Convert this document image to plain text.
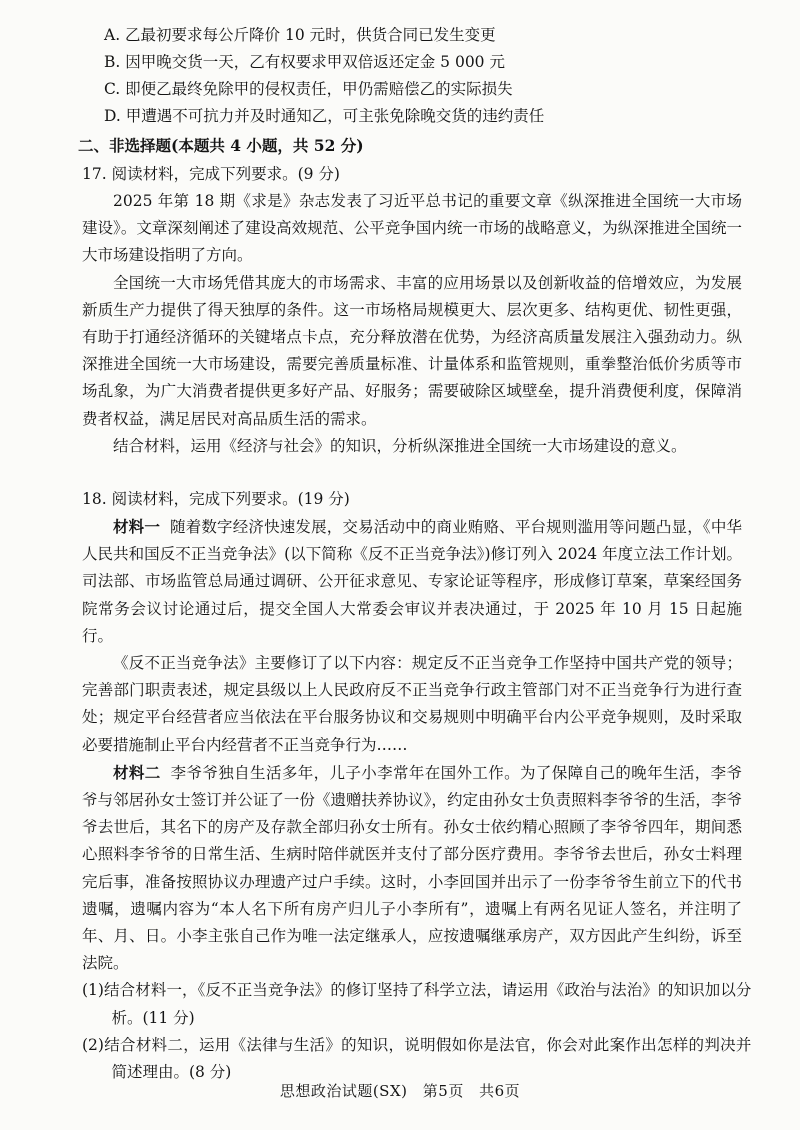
A. 乙最初要求每公斤降价 10 元时，供货合同已发生变更
B. 因甲晚交货一天，乙有权要求甲双倍返还定金 5 000 元
C. 即便乙最终免除甲的侵权责任，甲仍需赔偿乙的实际损失
D. 甲遭遇不可抗力并及时通知乙，可主张免除晚交货的违约责任
二、非选择题(本题共 4 小题，共 52 分)
17. 阅读材料，完成下列要求。(9 分)

2025 年第 18 期《求是》杂志发表了习近平总书记的重要文章《纵深推进全国统一大市场建设》。文章深刻阐述了建设高效规范、公平竞争国内统一市场的战略意义，为纵深推进全国统一大市场建设指明了方向。

全国统一大市场凭借其庞大的市场需求、丰富的应用场景以及创新收益的倍增效应，为发展新质生产力提供了得天独厚的条件。这一市场格局规模更大、层次更多、结构更优、韧性更强，有助于打通经济循环的关键堵点卡点，充分释放潜在优势，为经济高质量发展注入强劲动力。纵深推进全国统一大市场建设，需要完善质量标准、计量体系和监管规则，重拳整治低价劣质等市场乱象，为广大消费者提供更多好产品、好服务；需要破除区域壁垒，提升消费便利度，保障消费者权益，满足居民对高品质生活的需求。

结合材料，运用《经济与社会》的知识，分析纵深推进全国统一大市场建设的意义。

18. 阅读材料，完成下列要求。(19 分)

材料一 随着数字经济快速发展，交易活动中的商业贿赂、平台规则滥用等问题凸显，《中华人民共和国反不正当竞争法》(以下简称《反不正当竞争法》)修订列入 2024 年度立法工作计划。司法部、市场监管总局通过调研、公开征求意见、专家论证等程序，形成修订草案，草案经国务院常务会议讨论通过后，提交全国人大常委会审议并表决通过，于 2025 年 10 月 15 日起施行。

《反不正当竞争法》主要修订了以下内容：规定反不正当竞争工作坚持中国共产党的领导；完善部门职责表述，规定县级以上人民政府反不正当竞争行政主管部门对不正当竞争行为进行查处；规定平台经营者应当依法在平台服务协议和交易规则中明确平台内公平竞争规则，及时采取必要措施制止平台内经营者不正当竞争行为……

材料二 李爷爷独自生活多年，儿子小李常年在国外工作。为了保障自己的晚年生活，李爷爷与邻居孙女士签订并公证了一份《遗赠扶养协议》，约定由孙女士负责照料李爷爷的生活，李爷爷去世后，其名下的房产及存款全部归孙女士所有。孙女士依约精心照顾了李爷爷四年，期间悉心照料李爷爷的日常生活、生病时陪伴就医并支付了部分医疗费用。李爷爷去世后，孙女士料理完后事，准备按照协议办理遗产过户手续。这时，小李回国并出示了一份李爷爷生前立下的代书遗嘱，遗嘱内容为“本人名下所有房产归儿子小李所有”，遗嘱上有两名见证人签名，并注明了年、月、日。小李主张自己作为唯一法定继承人，应按遗嘱继承房产，双方因此产生纠纷，诉至法院。

(1)结合材料一，《反不正当竞争法》的修订坚持了科学立法，请运用《政治与法治》的知识加以分析。(11 分)

(2)结合材料二，运用《法律与生活》的知识，说明假如你是法官，你会对此案作出怎样的判决并简述理由。(8 分)

思想政治试题(SX) 第5页 共6页
